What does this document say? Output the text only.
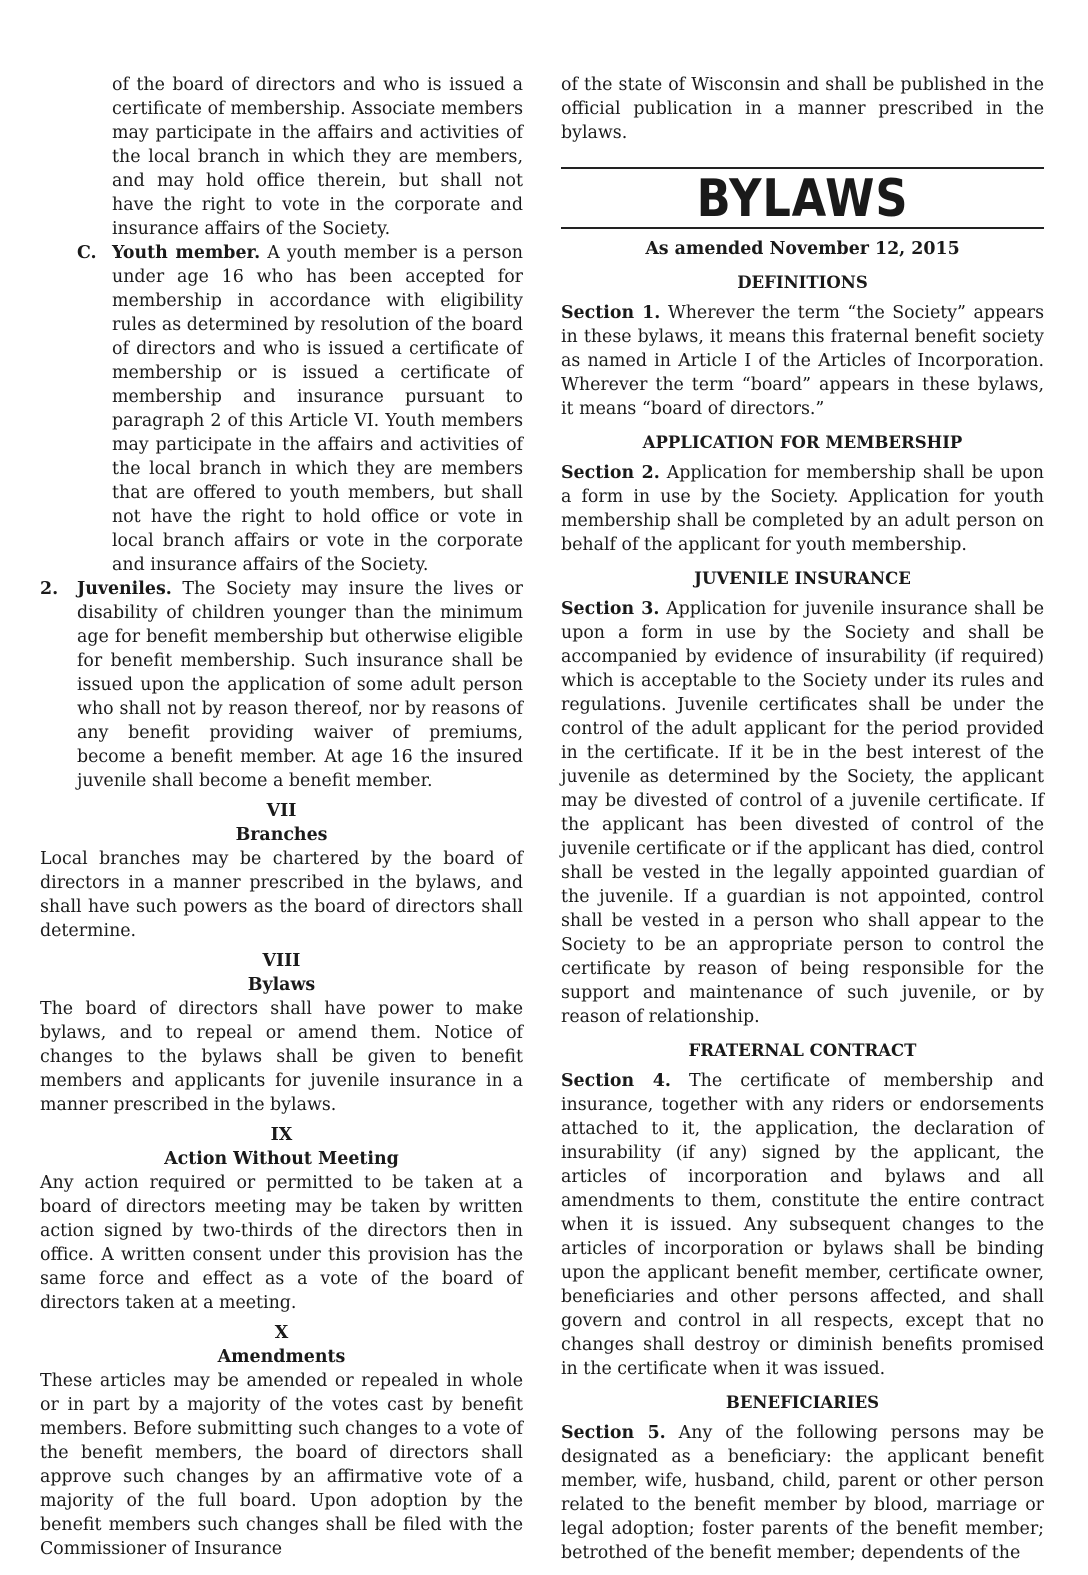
of the board of directors and who is issued a certificate of membership. Associate members may participate in the affairs and activities of the local branch in which they are members, and may hold office therein, but shall not have the right to vote in the corporate and insurance affairs of the Society.

C. Youth member. A youth member is a person under age 16 who has been accepted for membership in accordance with eligibility rules as determined by resolution of the board of directors and who is issued a certificate of membership or is issued a certificate of membership and insurance pursuant to paragraph 2 of this Article VI. Youth members may participate in the affairs and activities of the local branch in which they are members that are offered to youth members, but shall not have the right to hold office or vote in local branch affairs or vote in the corporate and insurance affairs of the Society.

2. Juveniles. The Society may insure the lives or disability of children younger than the minimum age for benefit membership but otherwise eligible for benefit membership. Such insurance shall be issued upon the application of some adult person who shall not by reason thereof, nor by reasons of any benefit providing waiver of premiums, become a benefit member. At age 16 the insured juvenile shall become a benefit member.

VII
Branches

Local branches may be chartered by the board of directors in a manner prescribed in the bylaws, and shall have such powers as the board of directors shall determine.

VIII
Bylaws

The board of directors shall have power to make bylaws, and to repeal or amend them. Notice of changes to the bylaws shall be given to benefit members and applicants for juvenile insurance in a manner prescribed in the bylaws.

IX
Action Without Meeting

Any action required or permitted to be taken at a board of directors meeting may be taken by written action signed by two-thirds of the directors then in office. A written consent under this provision has the same force and effect as a vote of the board of directors taken at a meeting.

X
Amendments

These articles may be amended or repealed in whole or in part by a majority of the votes cast by benefit members. Before submitting such changes to a vote of the benefit members, the board of directors shall approve such changes by an affirmative vote of a majority of the full board. Upon adoption by the benefit members such changes shall be filed with the Commissioner of Insurance

of the state of Wisconsin and shall be published in the official publication in a manner prescribed in the bylaws.

BYLAWS
As amended November 12, 2015
DEFINITIONS

Section 1. Wherever the term “the Society” appears in these bylaws, it means this fraternal benefit society as named in Article I of the Articles of Incorporation. Wherever the term “board” appears in these bylaws, it means “board of directors.”

APPLICATION FOR MEMBERSHIP

Section 2. Application for membership shall be upon a form in use by the Society. Application for youth membership shall be completed by an adult person on behalf of the applicant for youth membership.

JUVENILE INSURANCE

Section 3. Application for juvenile insurance shall be upon a form in use by the Society and shall be accompanied by evidence of insurability (if required) which is acceptable to the Society under its rules and regulations. Juvenile certificates shall be under the control of the adult applicant for the period provided in the certificate. If it be in the best interest of the juvenile as determined by the Society, the applicant may be divested of control of a juvenile certificate. If the applicant has been divested of control of the juvenile certificate or if the applicant has died, control shall be vested in the legally appointed guardian of the juvenile. If a guardian is not appointed, control shall be vested in a person who shall appear to the Society to be an appropriate person to control the certificate by reason of being responsible for the support and maintenance of such juvenile, or by reason of relationship.

FRATERNAL CONTRACT

Section 4. The certificate of membership and insurance, together with any riders or endorsements attached to it, the application, the declaration of insurability (if any) signed by the applicant, the articles of incorporation and bylaws and all amendments to them, constitute the entire contract when it is issued. Any subsequent changes to the articles of incorporation or bylaws shall be binding upon the applicant benefit member, certificate owner, beneficiaries and other persons affected, and shall govern and control in all respects, except that no changes shall destroy or diminish benefits promised in the certificate when it was issued.

BENEFICIARIES

Section 5. Any of the following persons may be designated as a beneficiary: the applicant benefit member, wife, husband, child, parent or other person related to the benefit member by blood, marriage or legal adoption; foster parents of the benefit member; betrothed of the benefit member; dependents of the
